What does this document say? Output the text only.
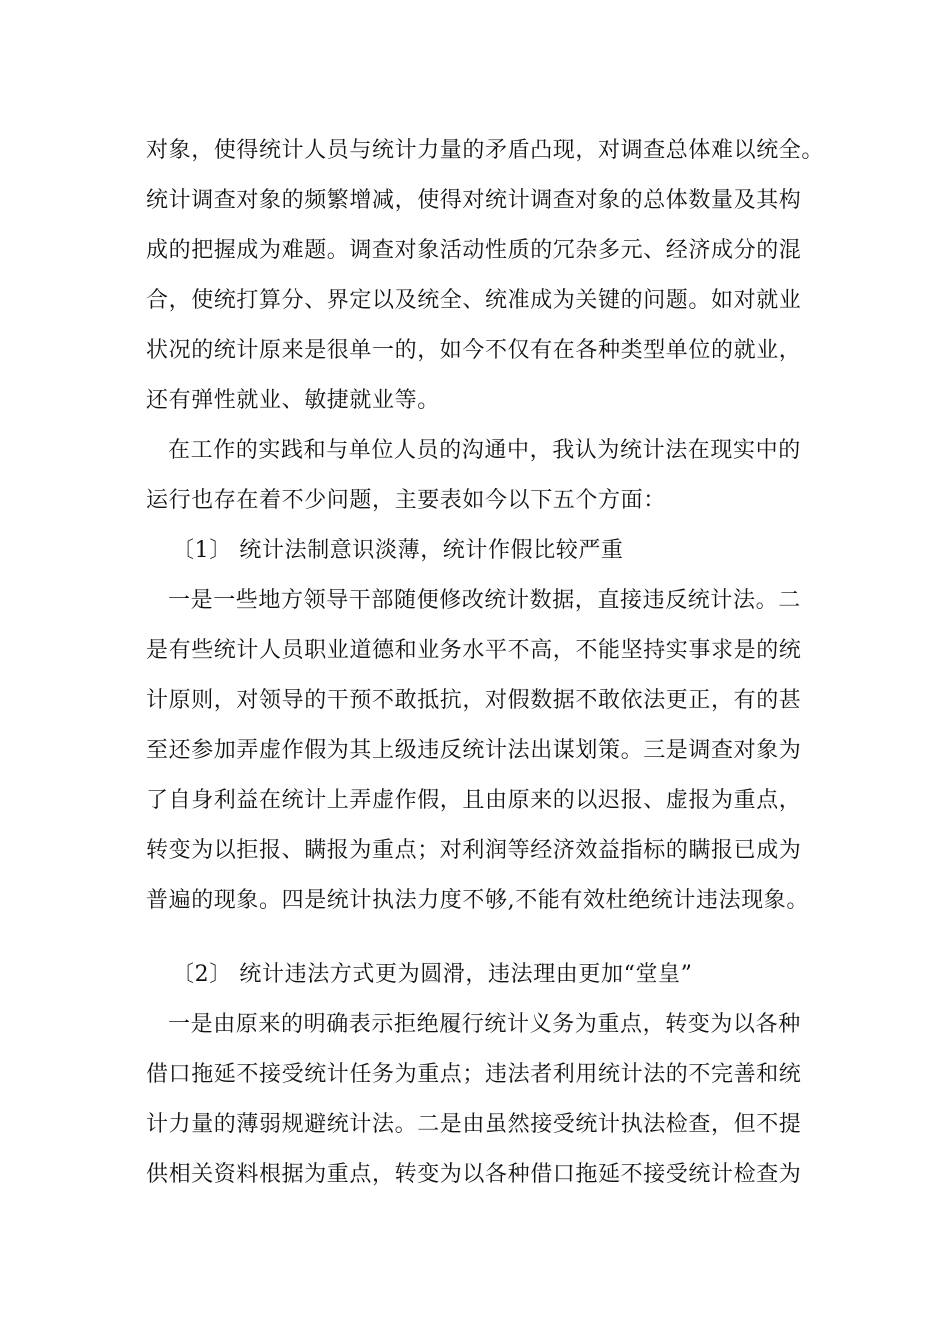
对象，使得统计人员与统计力量的矛盾凸现，对调查总体难以统全。
统计调查对象的频繁增减，使得对统计调查对象的总体数量及其构
成的把握成为难题。调查对象活动性质的冗杂多元、经济成分的混
合，使统打算分、界定以及统全、统准成为关键的问题。如对就业
状况的统计原来是很单一的，如今不仅有在各种类型单位的就业，
还有弹性就业、敏捷就业等。
在工作的实践和与单位人员的沟通中，我认为统计法在现实中的
运行也存在着不少问题，主要表如今以下五个方面：
〔1〕 统计法制意识淡薄，统计作假比较严重
一是一些地方领导干部随便修改统计数据，直接违反统计法。二
是有些统计人员职业道德和业务水平不高，不能坚持实事求是的统
计原则，对领导的干预不敢抵抗，对假数据不敢依法更正，有的甚
至还参加弄虚作假为其上级违反统计法出谋划策。三是调查对象为
了自身利益在统计上弄虚作假，且由原来的以迟报、虚报为重点，
转变为以拒报、瞒报为重点；对利润等经济效益指标的瞒报已成为
普遍的现象。四是统计执法力度不够,不能有效杜绝统计违法现象。
〔2〕 统计违法方式更为圆滑，违法理由更加“堂皇”
一是由原来的明确表示拒绝履行统计义务为重点，转变为以各种
借口拖延不接受统计任务为重点；违法者利用统计法的不完善和统
计力量的薄弱规避统计法。二是由虽然接受统计执法检查，但不提
供相关资料根据为重点，转变为以各种借口拖延不接受统计检查为
